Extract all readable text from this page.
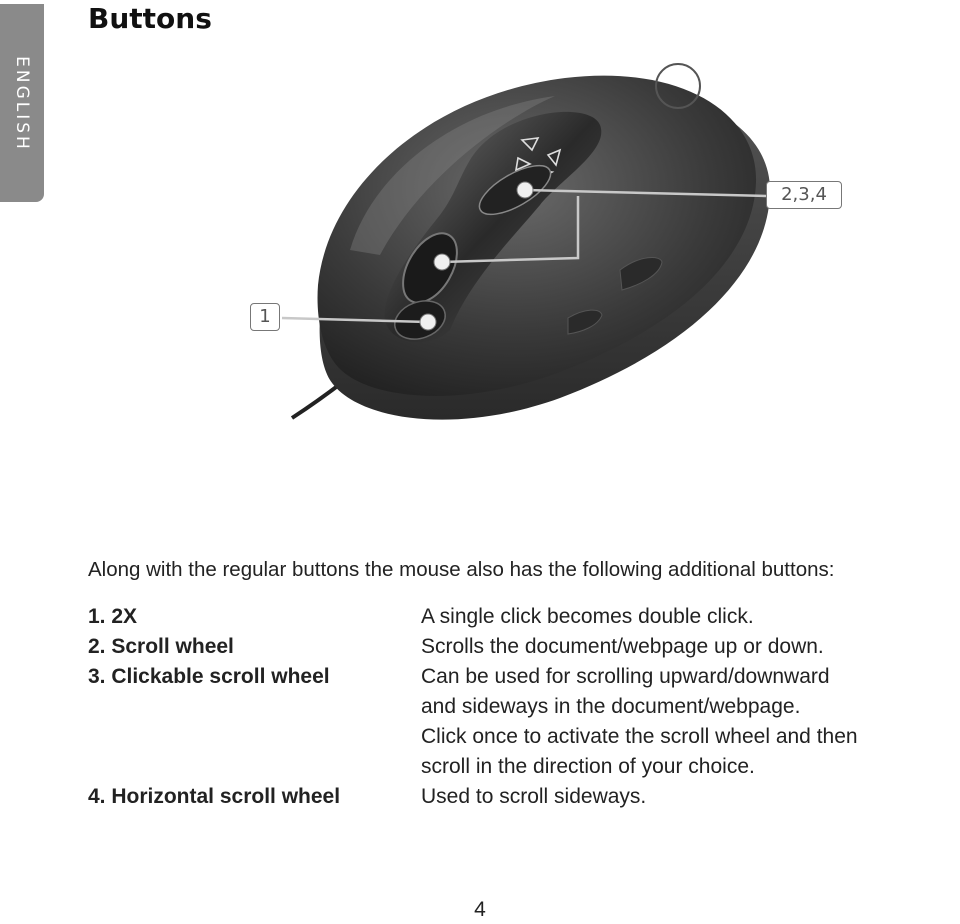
ENGLISH
Buttons
1
2,3,4

Along with the regular buttons the mouse also has the following additional buttons:

1. 2X	A single click becomes double click.
2. Scroll wheel	Scrolls the document/webpage up or down.
3. Clickable scroll wheel	Can be used for scrolling upward/downward
and sideways in the document/webpage.
Click once to activate the scroll wheel and then
scroll in the direction of your choice.
4. Horizontal scroll wheel	Used to scroll sideways.
4
